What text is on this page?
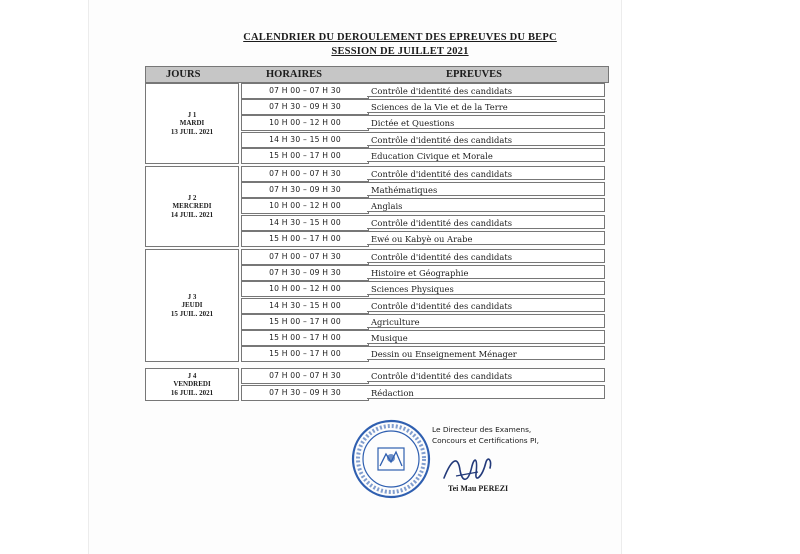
CALENDRIER DU DEROULEMENT DES EPREUVES DU BEPC
SESSION DE JUILLET 2021
JOURS	HORAIRES	EPREUVES
J 1
MARDI
13 JUIL. 2021
07 H 00 – 07 H 30	Contrôle d'identité des candidats
07 H 30 – 09 H 30	Sciences de la Vie et de la Terre
10 H 00 – 12 H 00	Dictée et Questions
14 H 30 – 15 H 00	Contrôle d'identité des candidats
15 H 00 – 17 H 00	Education Civique et Morale
J 2
MERCREDI
14 JUIL. 2021
07 H 00 – 07 H 30	Contrôle d'identité des candidats
07 H 30 – 09 H 30	Mathématiques
10 H 00 – 12 H 00	Anglais
14 H 30 – 15 H 00	Contrôle d'identité des candidats
15 H 00 – 17 H 00	Ewé ou Kabyè ou Arabe
J 3
JEUDI
15 JUIL. 2021
07 H 00 – 07 H 30	Contrôle d'identité des candidats
07 H 30 – 09 H 30	Histoire et Géographie
10 H 00 – 12 H 00	Sciences Physiques
14 H 30 – 15 H 00	Contrôle d'identité des candidats
15 H 00 – 17 H 00	Agriculture
15 H 00 – 17 H 00	Musique
15 H 00 – 17 H 00	Dessin ou Enseignement Ménager
J 4
VENDREDI
16 JUIL. 2021
07 H 00 – 07 H 30	Contrôle d'identité des candidats
07 H 30 – 09 H 30	Rédaction
Le Directeur des Examens,
Concours et Certifications PI,
Tei Mau PEREZI
